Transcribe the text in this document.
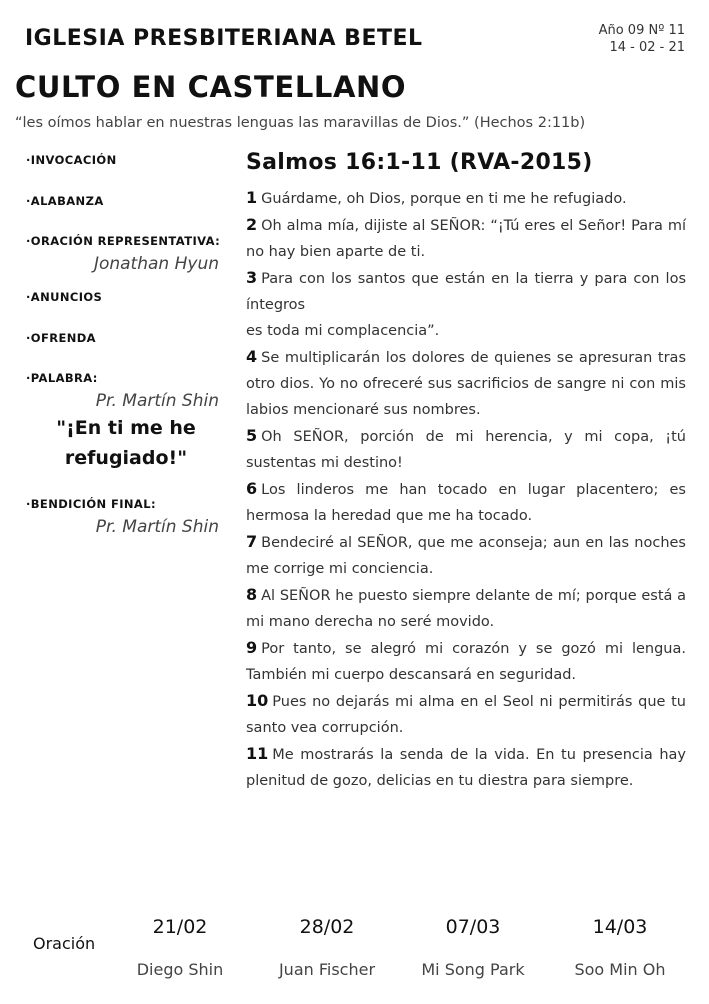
IGLESIA PRESBITERIANA BETEL	Año 09 Nº 11
14 - 02 - 21
CULTO EN CASTELLANO
“les oímos hablar en nuestras lenguas las maravillas de Dios.” (Hechos 2:11b)
·INVOCACIÓN
·ALABANZA
·ORACIÓN REPRESENTATIVA:
Jonathan Hyun
·ANUNCIOS
·OFRENDA
·PALABRA:
Pr. Martín Shin
"¡En ti me he
refugiado!"
·BENDICIÓN FINAL:
Pr. Martín Shin
Salmos 16:1-11 (RVA-2015)
1 Guárdame, oh Dios, porque en ti me he refugiado.
2 Oh alma mía, dijiste al SEÑOR: “¡Tú eres el Señor! Para mí no hay bien aparte de ti.
3 Para con los santos que están en la tierra y para con los íntegros
es toda mi complacencia”.
4 Se multiplicarán los dolores de quienes se apresuran tras otro dios. Yo no ofreceré sus sacrificios de sangre ni con mis labios mencionaré sus nombres.
5 Oh SEÑOR, porción de mi herencia, y mi copa, ¡tú sustentas mi destino!
6 Los linderos me han tocado en lugar placentero; es hermosa la heredad que me ha tocado.
7 Bendeciré al SEÑOR, que me aconseja; aun en las noches me corrige mi conciencia.
8 Al SEÑOR he puesto siempre delante de mí; porque está a mi mano derecha no seré movido.
9 Por tanto, se alegró mi corazón y se gozó mi lengua. También mi cuerpo descansará en seguridad.
10 Pues no dejarás mi alma en el Seol ni permitirás que tu santo vea corrupción.
11 Me mostrarás la senda de la vida. En tu presencia hay plenitud de gozo, delicias en tu diestra para siempre.
Oración
21/02
Diego Shin
28/02
Juan Fischer
07/03
Mi Song Park
14/03
Soo Min Oh
